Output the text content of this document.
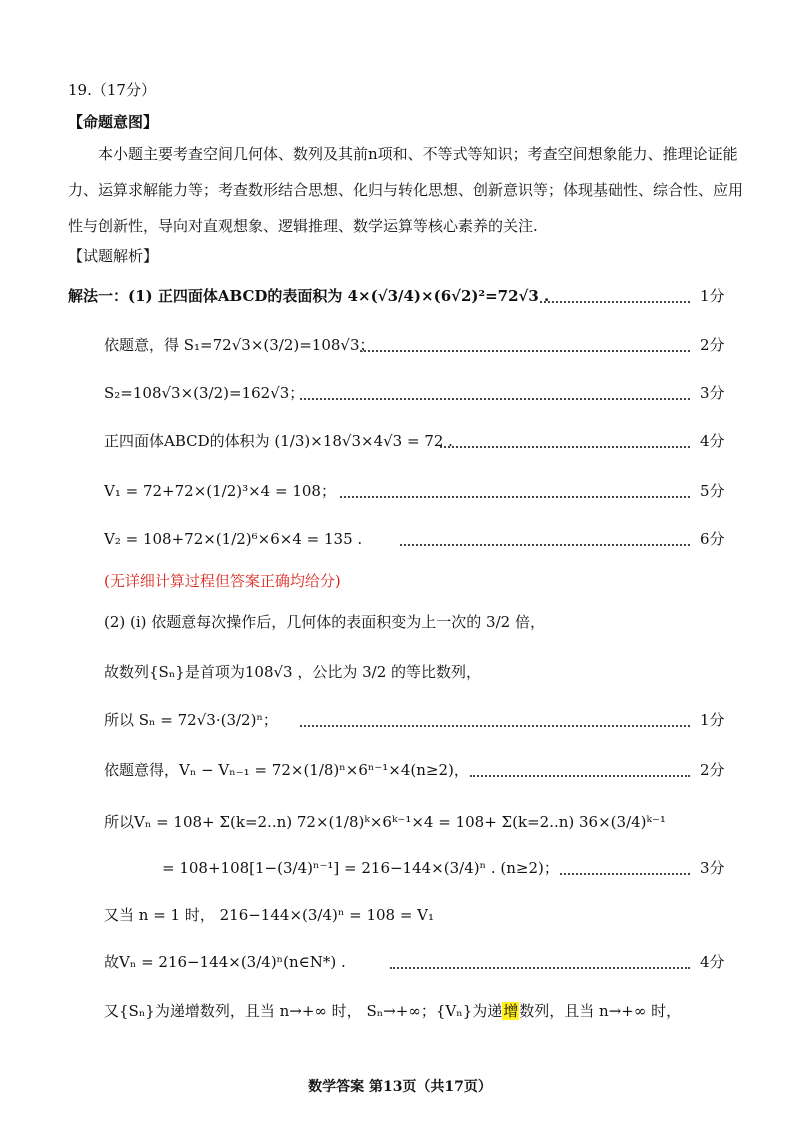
19.（17分）
【命题意图】
本小题主要考查空间几何体、数列及其前n项和、不等式等知识；考查空间想象能力、推理论证能力、运算求解能力等；考查数形结合思想、化归与转化思想、创新意识等；体现基础性、综合性、应用性与创新性，导向对直观想象、逻辑推理、数学运算等核心素养的关注.
【试题解析】
解法一：(1) 正四面体ABCD的表面积为 4×(√3/4)×(6√2)²=72√3 .	1分
依题意，得 S₁=72√3×(3/2)=108√3；	2分
S₂=108√3×(3/2)=162√3；	3分
正四面体ABCD的体积为 (1/3)×18√3×4√3 = 72 .	4分
V₁ = 72+72×(1/2)³×4 = 108；	5分
V₂ = 108+72×(1/2)⁶×6×4 = 135 .	6分
(无详细计算过程但答案正确均给分)
(2) (i) 依题意每次操作后，几何体的表面积变为上一次的 3/2 倍，
故数列{Sₙ}是首项为108√3 ，公比为 3/2 的等比数列，
所以 Sₙ = 72√3·(3/2)ⁿ；	1分
依题意得，Vₙ − Vₙ₋₁ = 72×(1/8)ⁿ×6ⁿ⁻¹×4(n≥2)，	2分
所以Vₙ = 108+ Σ(k=2..n) 72×(1/8)ᵏ×6ᵏ⁻¹×4 = 108+ Σ(k=2..n) 36×(3/4)ᵏ⁻¹
= 108+108[1−(3/4)ⁿ⁻¹] = 216−144×(3/4)ⁿ . (n≥2)；	3分
又当 n = 1 时， 216−144×(3/4)ⁿ = 108 = V₁
故Vₙ = 216−144×(3/4)ⁿ(n∈N*) .	4分
又{Sₙ}为递增数列，且当 n→+∞ 时， Sₙ→+∞；{Vₙ}为递增数列，且当 n→+∞ 时，
数学答案 第13页（共17页）
